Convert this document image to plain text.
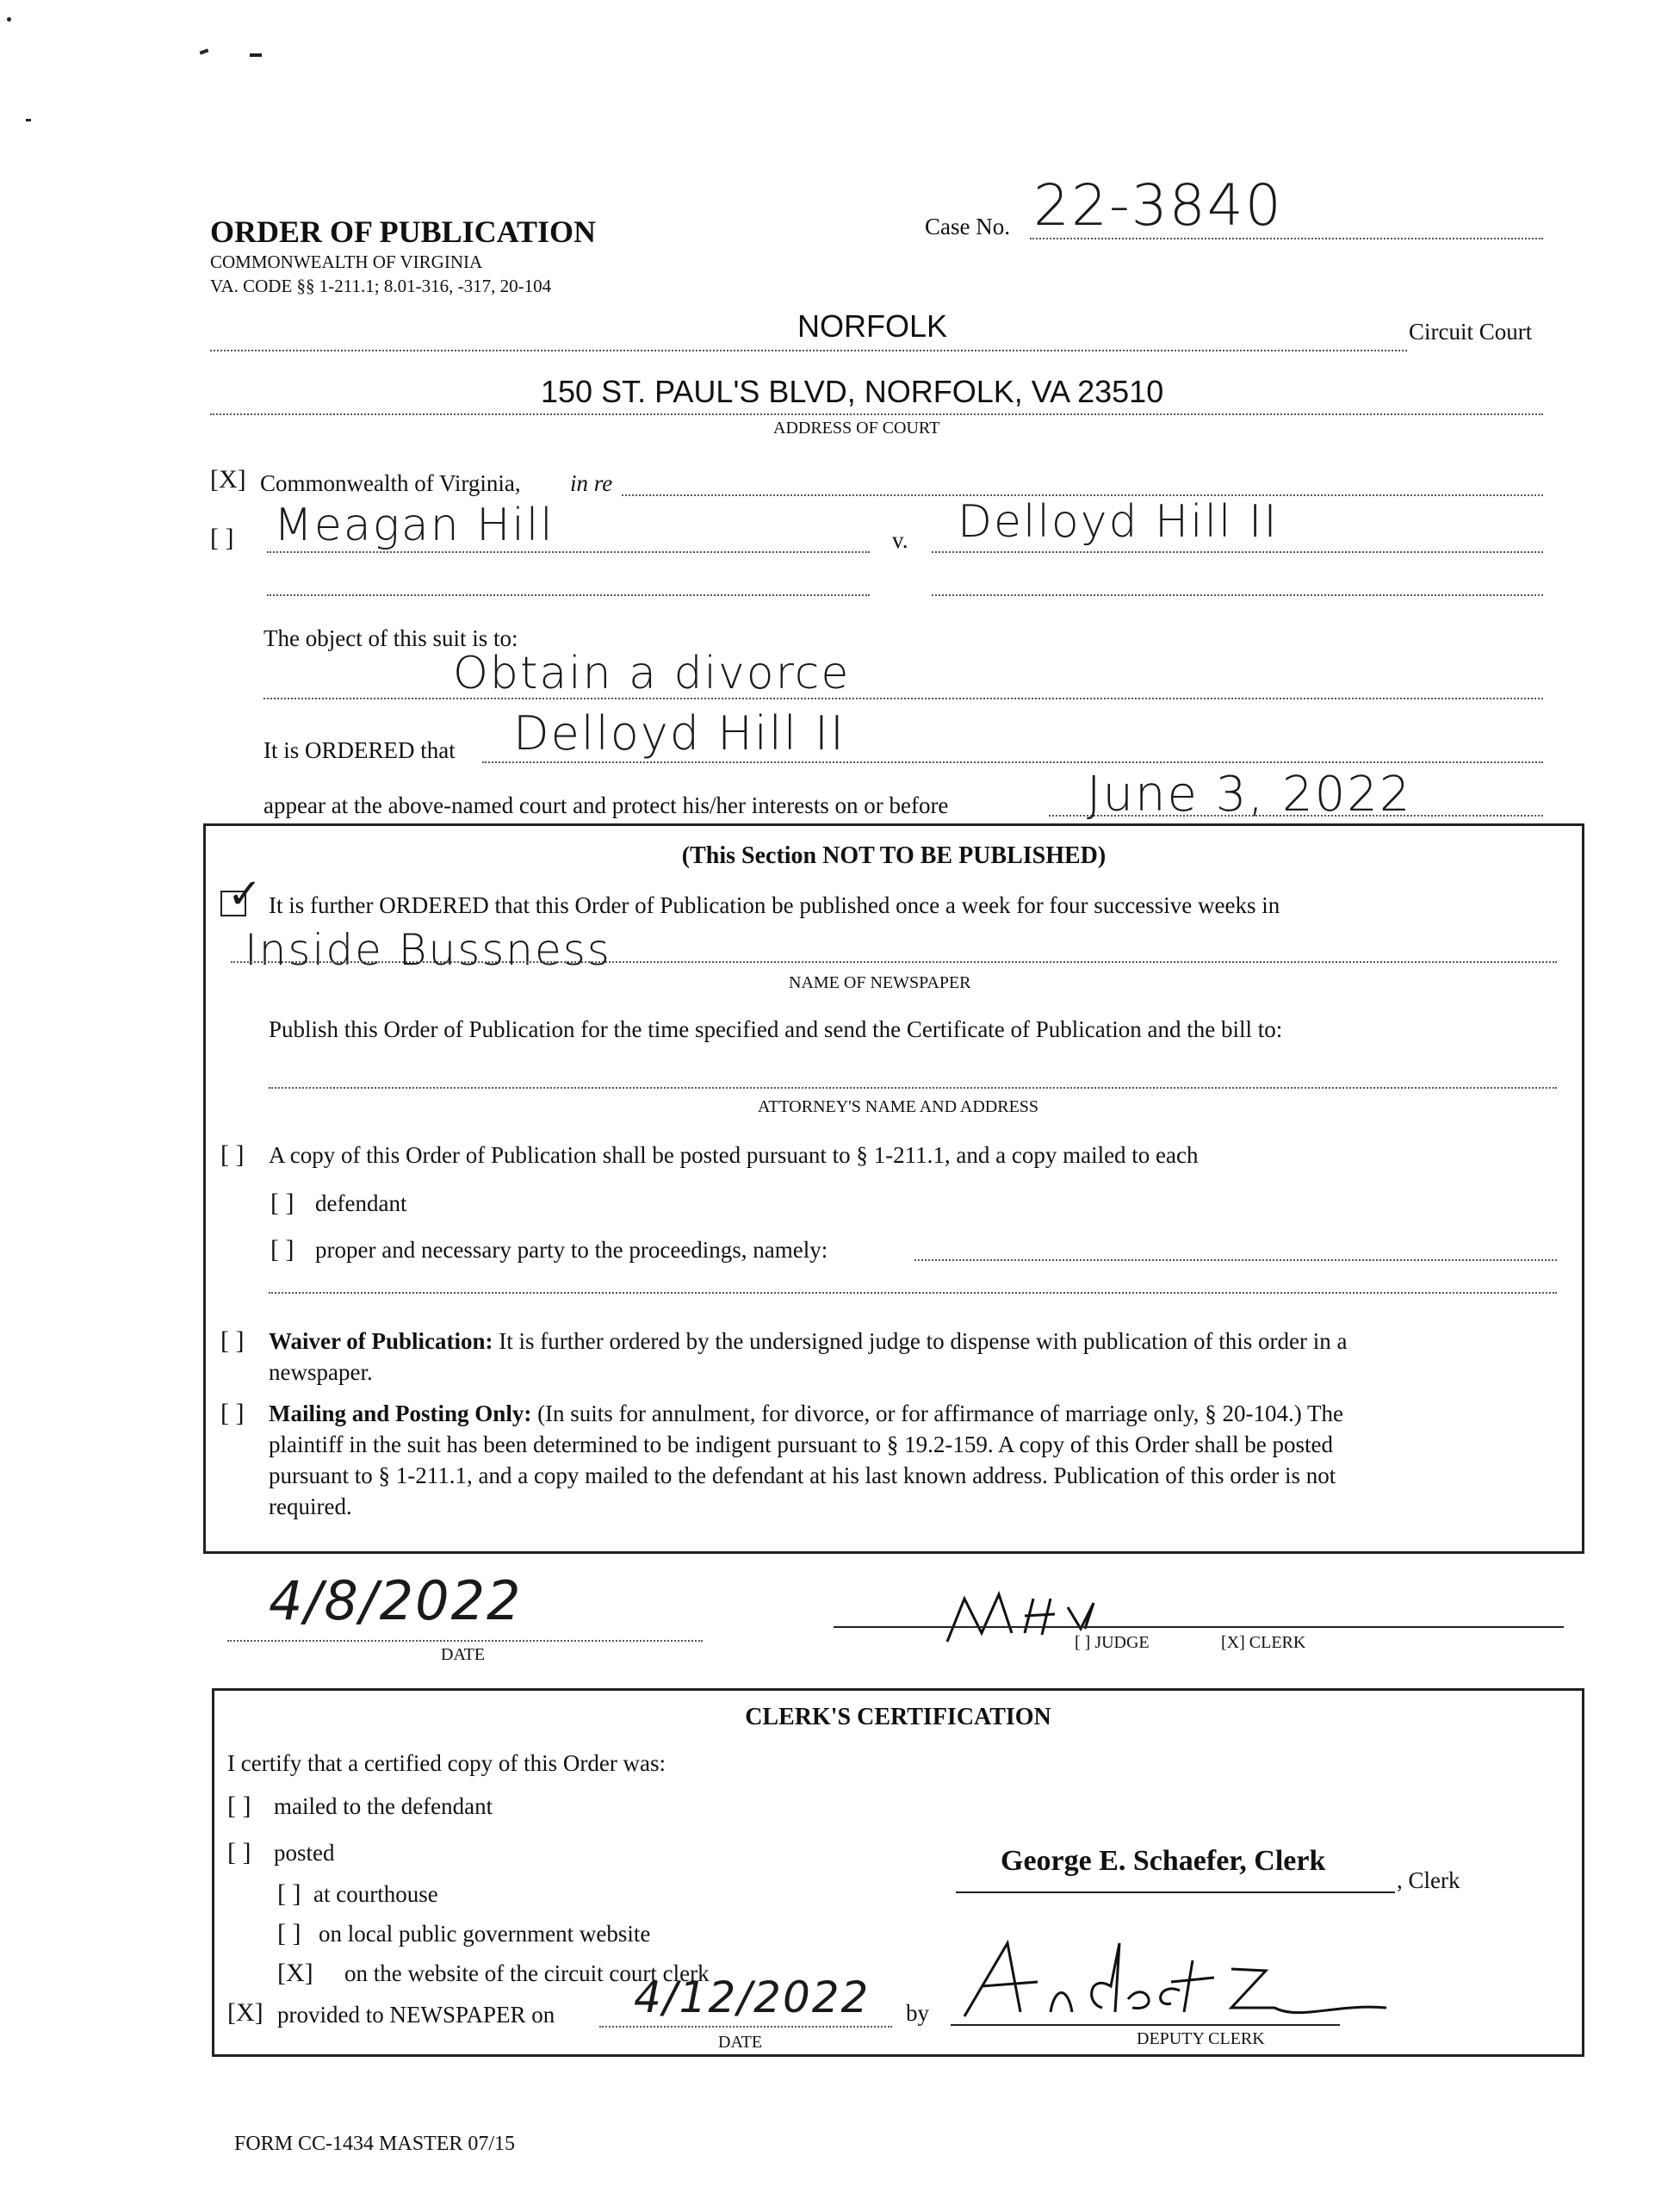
ORDER OF PUBLICATION
COMMONWEALTH OF VIRGINIA
VA. CODE §§ 1-211.1; 8.01-316, -317, 20-104
Case No. 22-3840
NORFOLK	Circuit Court
150 ST. PAUL'S BLVD, NORFOLK, VA 23510
ADDRESS OF COURT
[X] Commonwealth of Virginia, in re
[ ] Meagan Hill	v. Delloyd Hill II
The object of this suit is to:
Obtain a divorce
It is ORDERED that Delloyd Hill II
appear at the above-named court and protect his/her interests on or before	June 3, 2022
(This Section NOT TO BE PUBLISHED)
✓ It is further ORDERED that this Order of Publication be published once a week for four successive weeks in
Inside Bussness
NAME OF NEWSPAPER
Publish this Order of Publication for the time specified and send the Certificate of Publication and the bill to:
ATTORNEY'S NAME AND ADDRESS
[ ] A copy of this Order of Publication shall be posted pursuant to § 1-211.1, and a copy mailed to each
[ ] defendant
[ ] proper and necessary party to the proceedings, namely:
[ ] Waiver of Publication: It is further ordered by the undersigned judge to dispense with publication of this order in a
newspaper.
[ ] Mailing and Posting Only: (In suits for annulment, for divorce, or for affirmance of marriage only, § 20-104.) The
plaintiff in the suit has been determined to be indigent pursuant to § 19.2-159. A copy of this Order shall be posted
pursuant to § 1-211.1, and a copy mailed to the defendant at his last known address. Publication of this order is not
required.
4/8/2022
DATE
[ ] JUDGE	[X] CLERK
CLERK'S CERTIFICATION
I certify that a certified copy of this Order was:
[ ] mailed to the defendant
[ ] posted
[ ] at courthouse
[ ] on local public government website
[X] on the website of the circuit court clerk
[X] provided to NEWSPAPER on 4/12/2022
DATE
by
George E. Schaefer, Clerk
, Clerk
DEPUTY CLERK
FORM CC-1434 MASTER 07/15
